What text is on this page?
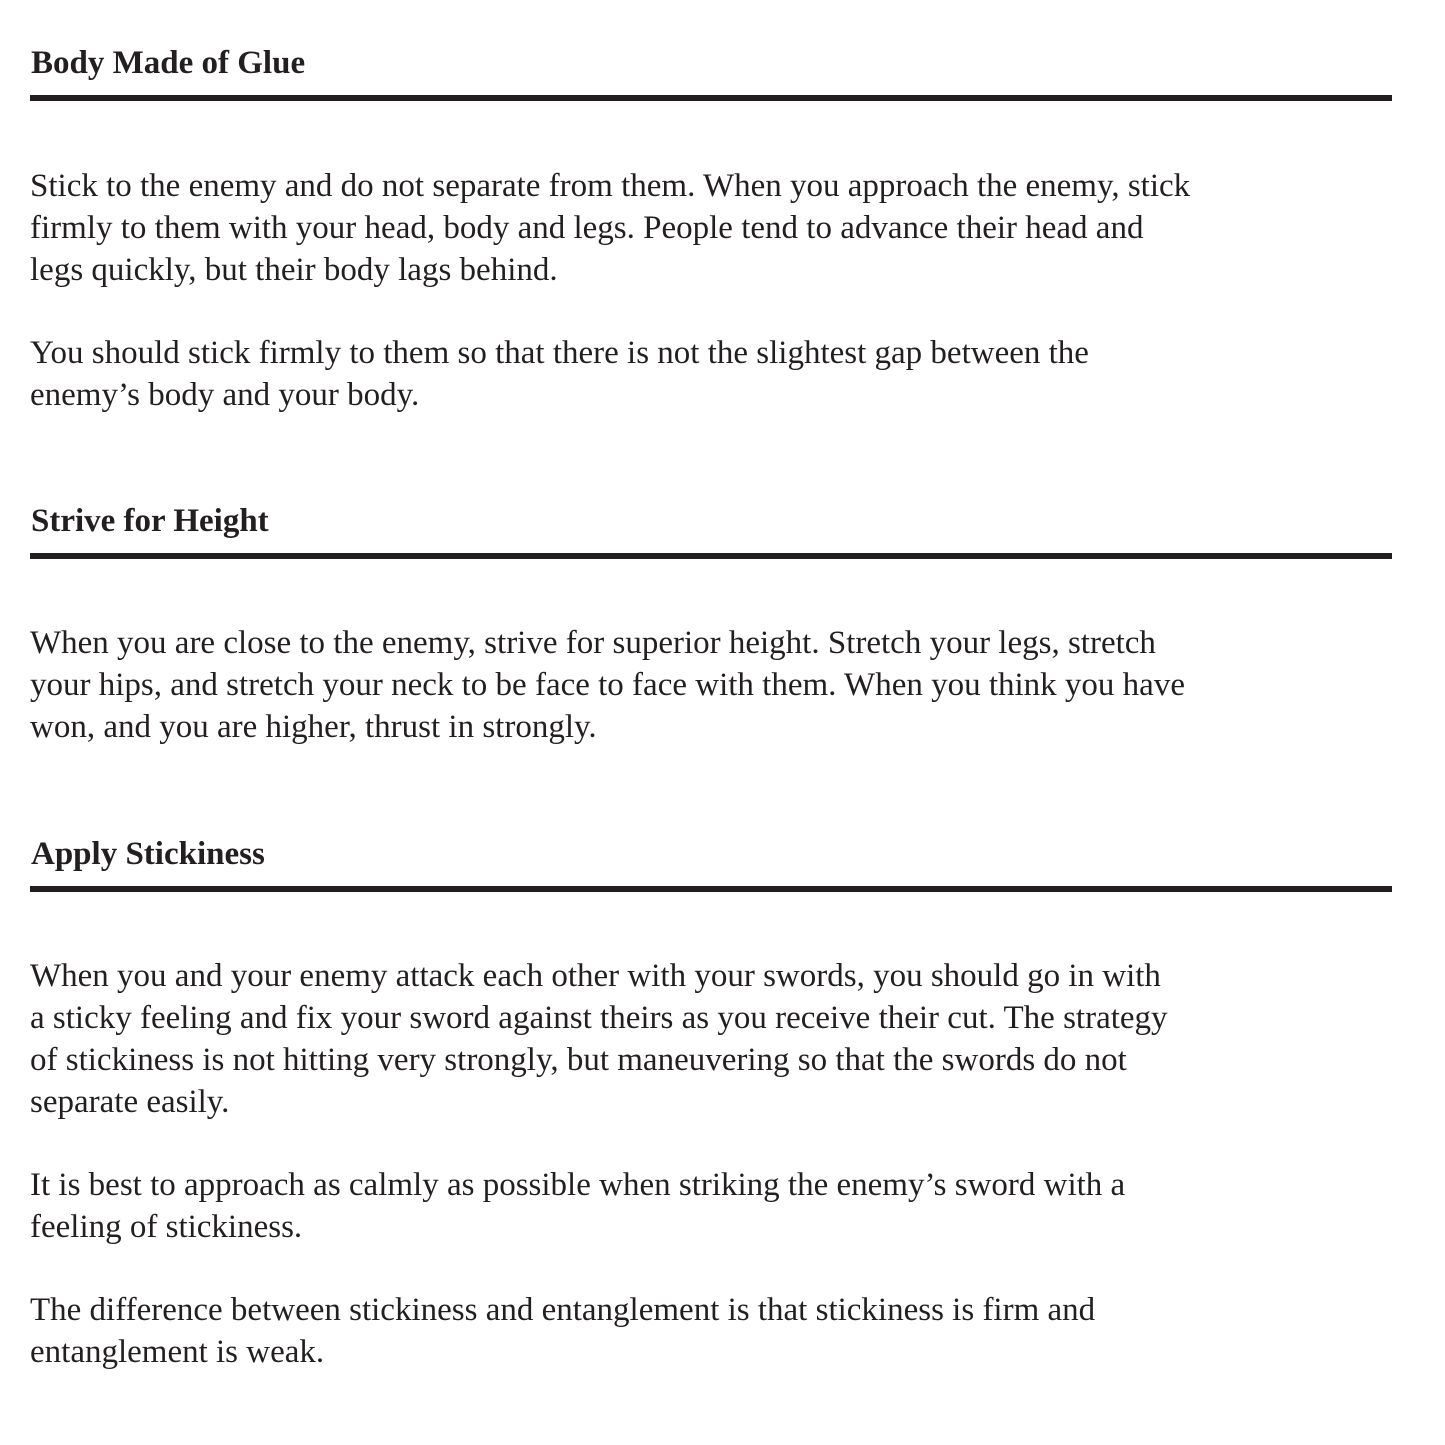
Body Made of Glue

Stick to the enemy and do not separate from them. When you approach the enemy, stick
firmly to them with your head, body and legs. People tend to advance their head and
legs quickly, but their body lags behind.

You should stick firmly to them so that there is not the slightest gap between the
enemy’s body and your body.

Strive for Height

When you are close to the enemy, strive for superior height. Stretch your legs, stretch
your hips, and stretch your neck to be face to face with them. When you think you have
won, and you are higher, thrust in strongly.

Apply Stickiness

When you and your enemy attack each other with your swords, you should go in with
a sticky feeling and fix your sword against theirs as you receive their cut. The strategy
of stickiness is not hitting very strongly, but maneuvering so that the swords do not
separate easily.

It is best to approach as calmly as possible when striking the enemy’s sword with a
feeling of stickiness.

The difference between stickiness and entanglement is that stickiness is firm and
entanglement is weak.
